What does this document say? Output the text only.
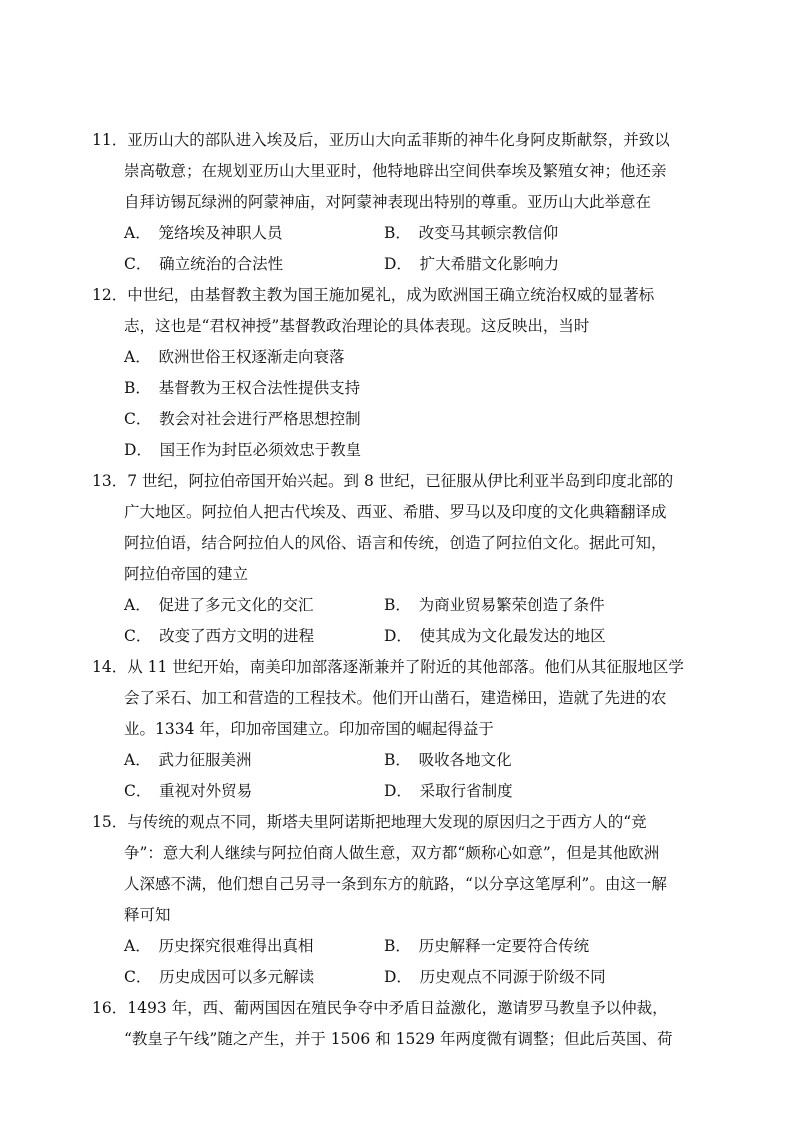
11．亚历山大的部队进入埃及后，亚历山大向孟菲斯的神牛化身阿皮斯献祭，并致以
崇高敬意；在规划亚历山大里亚时，他特地辟出空间供奉埃及繁殖女神；他还亲
自拜访锡瓦绿洲的阿蒙神庙，对阿蒙神表现出特别的尊重。亚历山大此举意在
A．　笼络埃及神职人员	B．　改变马其顿宗教信仰
C．　确立统治的合法性	D．　扩大希腊文化影响力
12．中世纪，由基督教主教为国王施加冕礼，成为欧洲国王确立统治权威的显著标
志，这也是“君权神授”基督教政治理论的具体表现。这反映出，当时
A．　欧洲世俗王权逐渐走向衰落
B．　基督教为王权合法性提供支持
C．　教会对社会进行严格思想控制
D．　国王作为封臣必须效忠于教皇
13．7 世纪，阿拉伯帝国开始兴起。到 8 世纪，已征服从伊比利亚半岛到印度北部的
广大地区。阿拉伯人把古代埃及、西亚、希腊、罗马以及印度的文化典籍翻译成
阿拉伯语，结合阿拉伯人的风俗、语言和传统，创造了阿拉伯文化。据此可知，
阿拉伯帝国的建立
A．　促进了多元文化的交汇	B．　为商业贸易繁荣创造了条件
C．　改变了西方文明的进程	D．　使其成为文化最发达的地区
14．从 11 世纪开始，南美印加部落逐渐兼并了附近的其他部落。他们从其征服地区学
会了采石、加工和营造的工程技术。他们开山凿石，建造梯田，造就了先进的农
业。1334 年，印加帝国建立。印加帝国的崛起得益于
A．　武力征服美洲	B．　吸收各地文化
C．　重视对外贸易	D．　采取行省制度
15．与传统的观点不同，斯塔夫里阿诺斯把地理大发现的原因归之于西方人的“竞
争”：意大利人继续与阿拉伯商人做生意，双方都“颇称心如意”，但是其他欧洲
人深感不满，他们想自己另寻一条到东方的航路，“以分享这笔厚利”。由这一解
释可知
A．　历史探究很难得出真相	B．　历史解释一定要符合传统
C．　历史成因可以多元解读	D．　历史观点不同源于阶级不同
16．1493 年，西、葡两国因在殖民争夺中矛盾日益激化，邀请罗马教皇予以仲裁，
“教皇子午线”随之产生，并于 1506 和 1529 年两度微有调整；但此后英国、荷
